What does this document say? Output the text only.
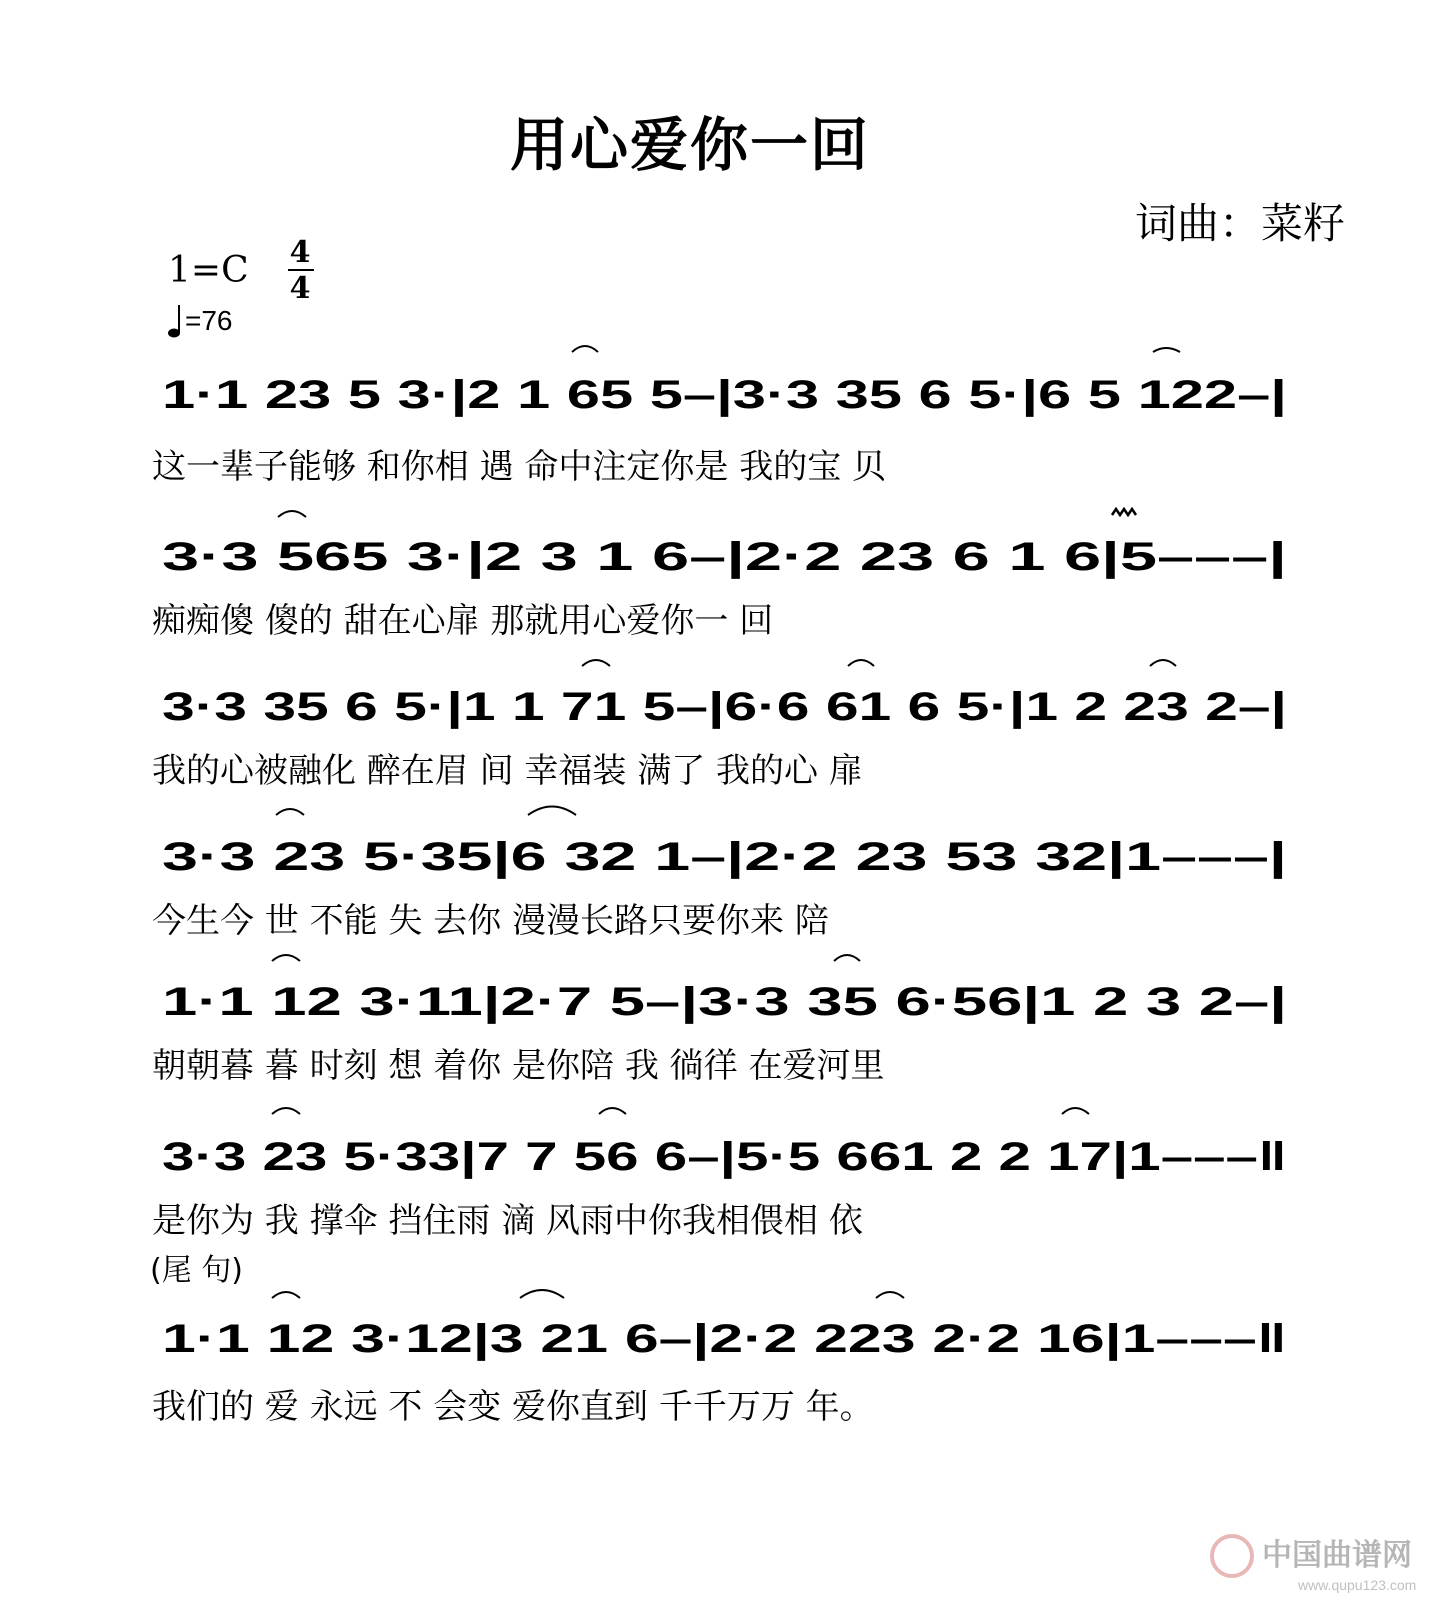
用心爱你一回
词曲：菜籽
1=C 4
4
=76
1·1 23 5 3·|2 1 65 5–|3·3 35 6 5·|6 5 122–|
这一辈子能够 和你相 遇 命中注定你是 我的宝 贝
3·3 565 3·|2 3 1 6–|2·2 23 6 1 6|5–––|
痴痴傻 傻的 甜在心扉 那就用心爱你一 回
3·3 35 6 5·|1 1 71 5–|6·6 61 6 5·|1 2 23 2–|
我的心被融化 醉在眉 间 幸福装 满了 我的心 扉
3·3 23 5·35|6 32 1–|2·2 23 53 32|1–––|
今生今 世 不能 失 去你 漫漫长路只要你来 陪
1·1 12 3·11|2·7 5–|3·3 35 6·56|1 2 3 2–|
朝朝暮 暮 时刻 想 着你 是你陪 我 徜徉 在爱河里
3·3 23 5·33|7 7 56 6–|5·5 661 2 2 17|1–––‖
是你为 我 撑伞 挡住雨 滴 风雨中你我相偎相 依
(尾 句)
1·1 12 3·12|3 21 6–|2·2 223 2·2 16|1–––‖
我们的 爱 永远 不 会变 爱你直到 千千万万 年。
中国曲谱网
www.qupu123.com
